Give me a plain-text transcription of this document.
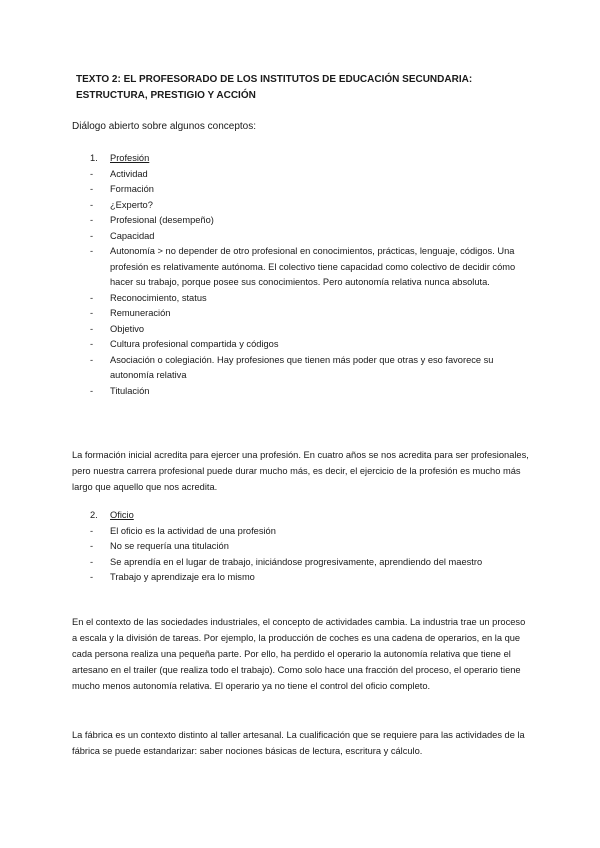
TEXTO 2: EL PROFESORADO DE LOS INSTITUTOS DE EDUCACIÓN SECUNDARIA: ESTRUCTURA, PRESTIGIO Y ACCIÓN
Diálogo abierto sobre algunos conceptos:
1.	Profesión
-	Actividad
-	Formación
-	¿Experto?
-	Profesional (desempeño)
-	Capacidad
-	Autonomía > no depender de otro profesional en conocimientos, prácticas, lenguaje, códigos. Una profesión es relativamente autónoma. El colectivo tiene capacidad como colectivo de decidir cómo hacer su trabajo, porque posee sus conocimientos. Pero autonomía relativa nunca absoluta.
-	Reconocimiento, status
-	Remuneración
-	Objetivo
-	Cultura profesional compartida y códigos
-	Asociación o colegiación. Hay profesiones que tienen más poder que otras y eso favorece su autonomía relativa
-	Titulación
La formación inicial acredita para ejercer una profesión. En cuatro años se nos acredita para ser profesionales, pero nuestra carrera profesional puede durar mucho más, es decir, el ejercicio de la profesión es mucho más largo que aquello que nos acredita.
2.	Oficio
-	El oficio es la actividad de una profesión
-	No se requería una titulación
-	Se aprendía en el lugar de trabajo, iniciándose progresivamente, aprendiendo del maestro
-	Trabajo y aprendizaje era lo mismo
En el contexto de las sociedades industriales, el concepto de actividades cambia. La industria trae un proceso a escala y la división de tareas. Por ejemplo, la producción de coches es una cadena de operarios, en la que cada persona realiza una pequeña parte. Por ello, ha perdido el operario la autonomía relativa que tiene el artesano en el trailer (que realiza todo el trabajo). Como solo hace una fracción del proceso, el operario tiene mucho menos autonomía relativa. El operario ya no tiene el control del oficio completo.
La fábrica es un contexto distinto al taller artesanal. La cualificación que se requiere para las actividades de la fábrica se puede estandarizar: saber nociones básicas de lectura, escritura y cálculo.
